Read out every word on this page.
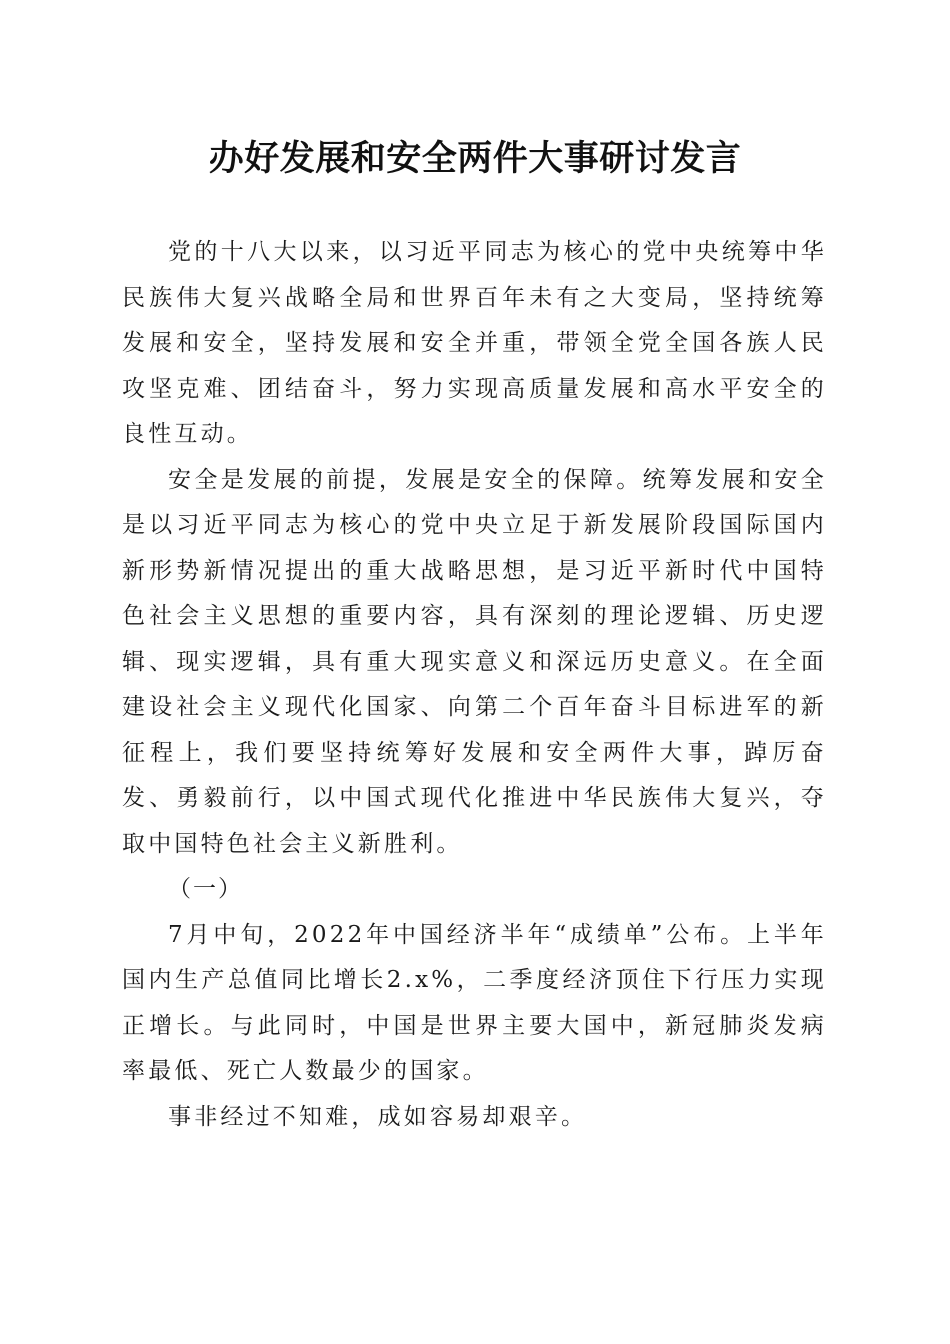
办好发展和安全两件大事研讨发言

党的十八大以来，以习近平同志为核心的党中央统筹中华民族伟大复兴战略全局和世界百年未有之大变局，坚持统筹发展和安全，坚持发展和安全并重，带领全党全国各族人民攻坚克难、团结奋斗，努力实现高质量发展和高水平安全的良性互动。

安全是发展的前提，发展是安全的保障。统筹发展和安全是以习近平同志为核心的党中央立足于新发展阶段国际国内新形势新情况提出的重大战略思想，是习近平新时代中国特色社会主义思想的重要内容，具有深刻的理论逻辑、历史逻辑、现实逻辑，具有重大现实意义和深远历史意义。在全面建设社会主义现代化国家、向第二个百年奋斗目标进军的新征程上，我们要坚持统筹好发展和安全两件大事，踔厉奋发、勇毅前行，以中国式现代化推进中华民族伟大复兴，夺取中国特色社会主义新胜利。

（一）

7月中旬，2022年中国经济半年“成绩单”公布。上半年国内生产总值同比增长2.x%，二季度经济顶住下行压力实现正增长。与此同时，中国是世界主要大国中，新冠肺炎发病率最低、死亡人数最少的国家。

事非经过不知难，成如容易却艰辛。
